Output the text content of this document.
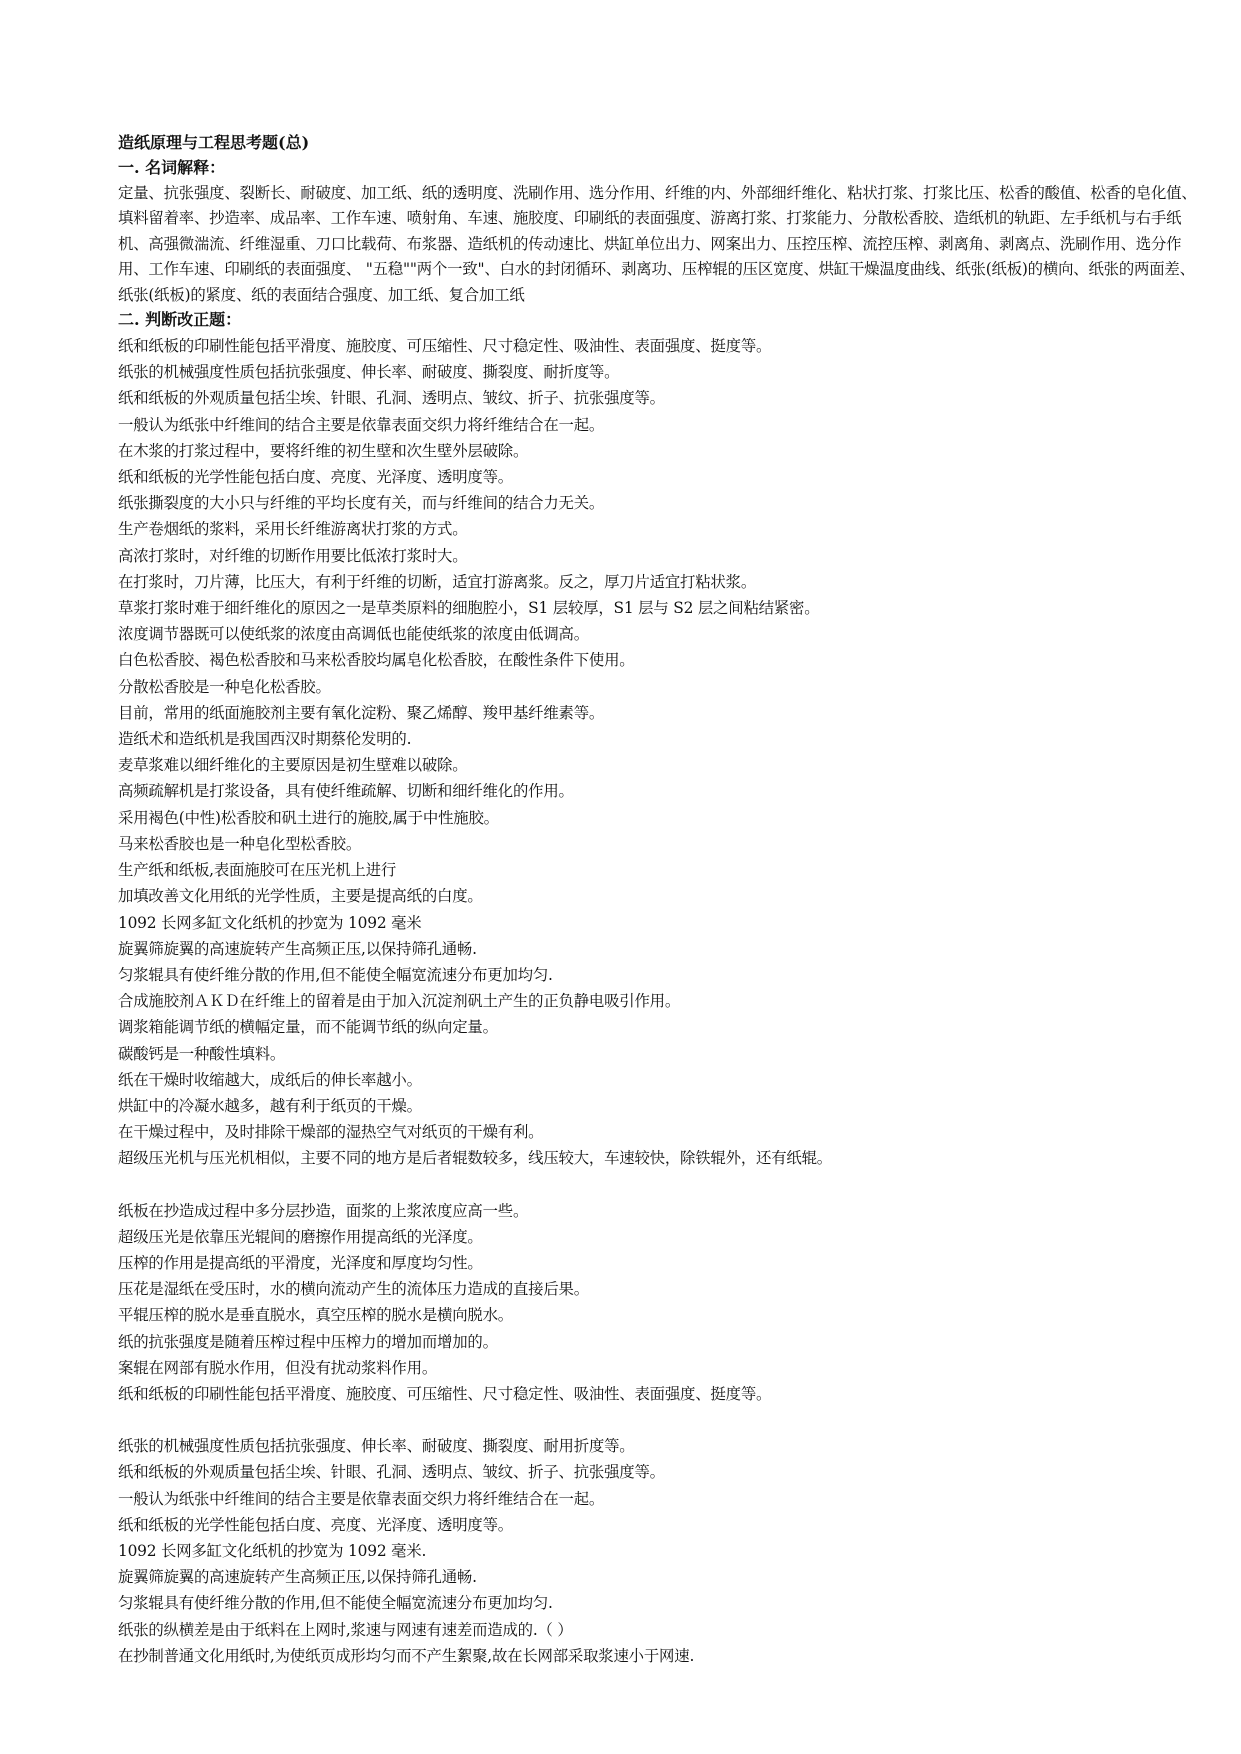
造纸原理与工程思考题(总)
一. 名词解释：
定量、抗张强度、裂断长、耐破度、加工纸、纸的透明度、洗刷作用、选分作用、纤维的内、外部细纤维化、粘状打浆、打浆比压、松香的酸值、松香的皂化值、填料留着率、抄造率、成品率、工作车速、喷射角、车速、施胶度、印刷纸的表面强度、游离打浆、打浆能力、分散松香胶、造纸机的轨距、左手纸机与右手纸机、高强微湍流、纤维湿重、刀口比载荷、布浆器、造纸机的传动速比、烘缸单位出力、网案出力、压控压榨、流控压榨、剥离角、剥离点、洗刷作用、选分作用、工作车速、印刷纸的表面强度、 "五稳""两个一致"、白水的封闭循环、剥离功、压榨辊的压区宽度、烘缸干燥温度曲线、纸张(纸板)的横向、纸张的两面差、纸张(纸板)的紧度、纸的表面结合强度、加工纸、复合加工纸
二. 判断改正题：
纸和纸板的印刷性能包括平滑度、施胶度、可压缩性、尺寸稳定性、吸油性、表面强度、挺度等。
纸张的机械强度性质包括抗张强度、伸长率、耐破度、撕裂度、耐折度等。
纸和纸板的外观质量包括尘埃、针眼、孔洞、透明点、皱纹、折子、抗张强度等。
一般认为纸张中纤维间的结合主要是依靠表面交织力将纤维结合在一起。
在木浆的打浆过程中，要将纤维的初生壁和次生壁外层破除。
纸和纸板的光学性能包括白度、亮度、光泽度、透明度等。
纸张撕裂度的大小只与纤维的平均长度有关，而与纤维间的结合力无关。
生产卷烟纸的浆料，采用长纤维游离状打浆的方式。
高浓打浆时，对纤维的切断作用要比低浓打浆时大。
在打浆时，刀片薄，比压大，有利于纤维的切断，适宜打游离浆。反之，厚刀片适宜打粘状浆。
草浆打浆时难于细纤维化的原因之一是草类原料的细胞腔小，S1 层较厚，S1 层与 S2 层之间粘结紧密。
浓度调节器既可以使纸浆的浓度由高调低也能使纸浆的浓度由低调高。
白色松香胶、褐色松香胶和马来松香胶均属皂化松香胶，在酸性条件下使用。
分散松香胶是一种皂化松香胶。
目前，常用的纸面施胶剂主要有氧化淀粉、聚乙烯醇、羧甲基纤维素等。
造纸术和造纸机是我国西汉时期蔡伦发明的.
麦草浆难以细纤维化的主要原因是初生壁难以破除。
高频疏解机是打浆设备，具有使纤维疏解、切断和细纤维化的作用。
采用褐色(中性)松香胶和矾土进行的施胶,属于中性施胶。
马来松香胶也是一种皂化型松香胶。
生产纸和纸板,表面施胶可在压光机上进行
加填改善文化用纸的光学性质，主要是提高纸的白度。
1092 长网多缸文化纸机的抄宽为 1092 毫米
旋翼筛旋翼的高速旋转产生高频正压,以保持筛孔通畅.
匀浆辊具有使纤维分散的作用,但不能使全幅宽流速分布更加均匀.
合成施胶剂ＡＫＤ在纤维上的留着是由于加入沉淀剂矾土产生的正负静电吸引作用。
调浆箱能调节纸的横幅定量，而不能调节纸的纵向定量。
碳酸钙是一种酸性填料。
纸在干燥时收缩越大，成纸后的伸长率越小。
烘缸中的冷凝水越多，越有利于纸页的干燥。
在干燥过程中，及时排除干燥部的湿热空气对纸页的干燥有利。
超级压光机与压光机相似，主要不同的地方是后者辊数较多，线压较大，车速较快，除铁辊外，还有纸辊。
纸板在抄造成过程中多分层抄造，面浆的上浆浓度应高一些。
超级压光是依靠压光辊间的磨擦作用提高纸的光泽度。
压榨的作用是提高纸的平滑度，光泽度和厚度均匀性。
压花是湿纸在受压时，水的横向流动产生的流体压力造成的直接后果。
平辊压榨的脱水是垂直脱水，真空压榨的脱水是横向脱水。
纸的抗张强度是随着压榨过程中压榨力的增加而增加的。
案辊在网部有脱水作用，但没有扰动浆料作用。
纸和纸板的印刷性能包括平滑度、施胶度、可压缩性、尺寸稳定性、吸油性、表面强度、挺度等。
纸张的机械强度性质包括抗张强度、伸长率、耐破度、撕裂度、耐用折度等。
纸和纸板的外观质量包括尘埃、针眼、孔洞、透明点、皱纹、折子、抗张强度等。
一般认为纸张中纤维间的结合主要是依靠表面交织力将纤维结合在一起。
纸和纸板的光学性能包括白度、亮度、光泽度、透明度等。
1092 长网多缸文化纸机的抄宽为 1092 毫米.
旋翼筛旋翼的高速旋转产生高频正压,以保持筛孔通畅.
匀浆辊具有使纤维分散的作用,但不能使全幅宽流速分布更加均匀.
纸张的纵横差是由于纸料在上网时,浆速与网速有速差而造成的.（ ）
在抄制普通文化用纸时,为使纸页成形均匀而不产生絮聚,故在长网部采取浆速小于网速.
